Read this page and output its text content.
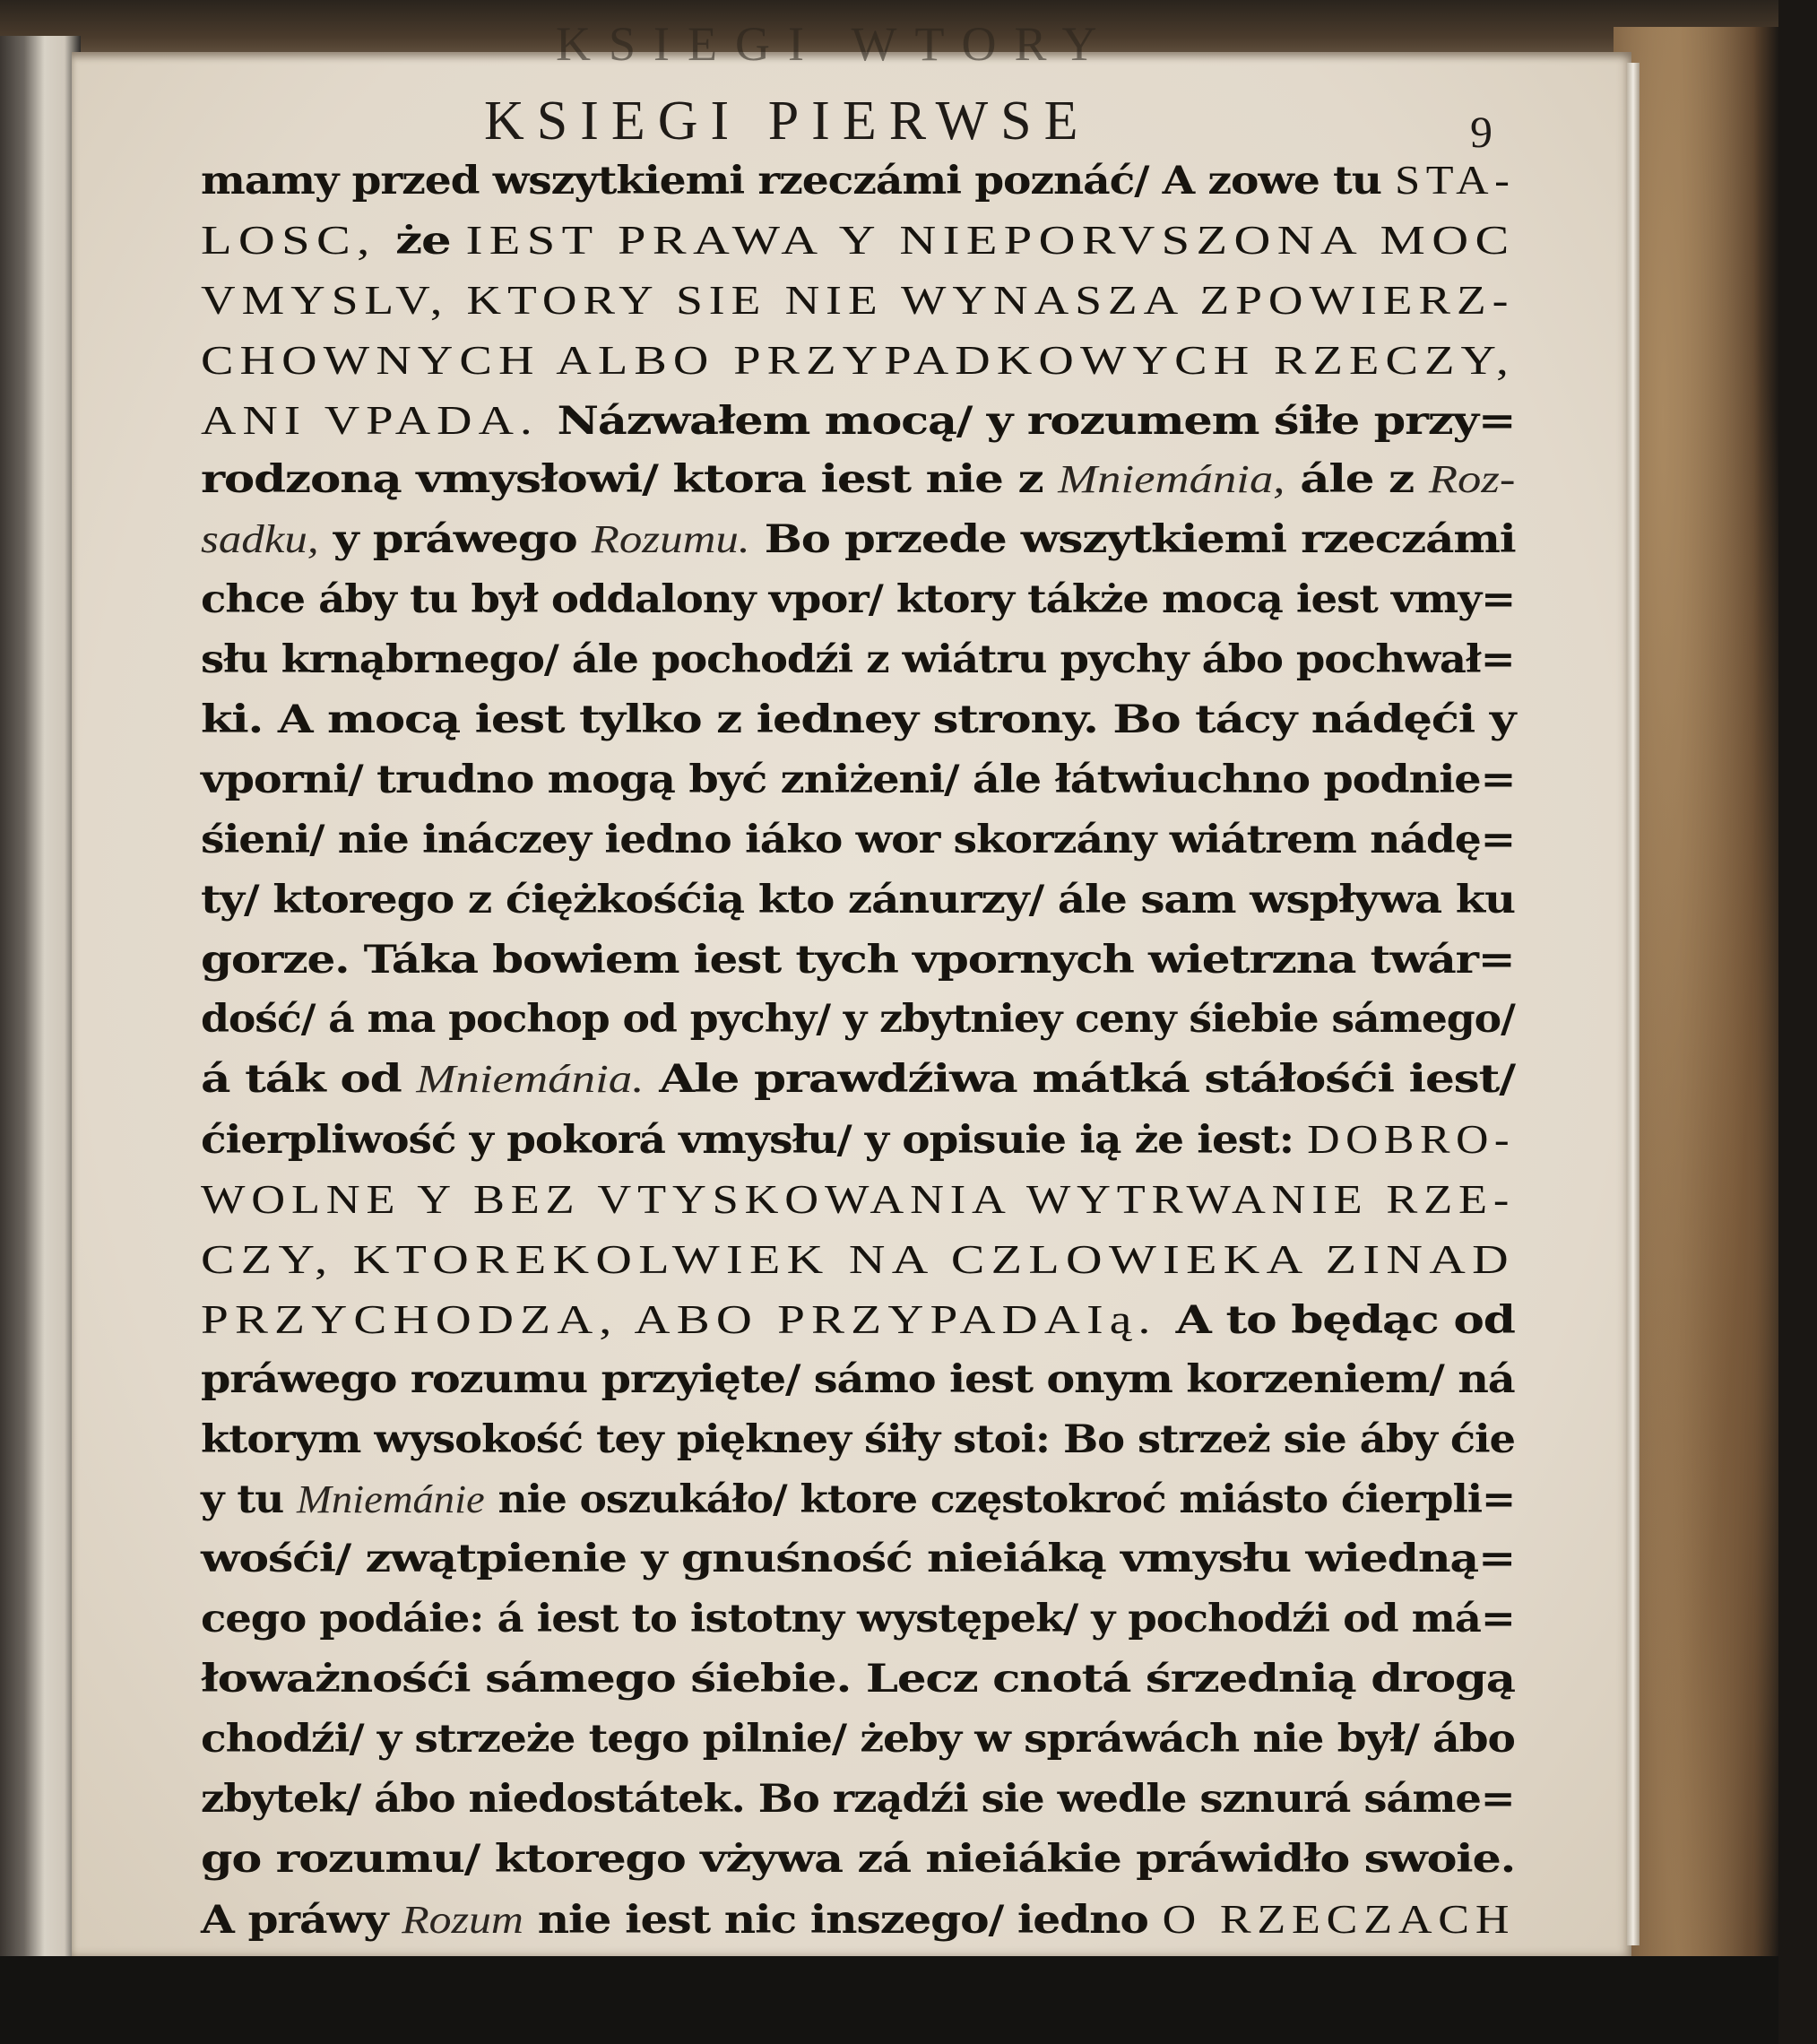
KSIEGI WTORY
KSIEGI PIERWSE	9
mamy przed wszytkiemi rzeczámi poznáć/ A zowe tu STA-
LOSC, że IEST PRAWA Y NIEPORVSZONA MOC
VMYSLV, KTORY SIE NIE WYNASZA ZPOWIERZ-
CHOWNYCH ALBO PRZYPADKOWYCH RZECZY,
ANI VPADA. Názwałem mocą/ y rozumem śiłe przy=
rodzoną vmysłowi/ ktora iest nie z Mniemánia, ále z Roz-
sadku, y práwego Rozumu. Bo przede wszytkiemi rzeczámi
chce áby tu był oddalony vpor/ ktory tákże mocą iest vmy=
słu krnąbrnego/ ále pochodźi z wiátru pychy ábo pochwał=
ki. A mocą iest tylko z iedney strony. Bo tácy nádęći y
vporni/ trudno mogą być zniżeni/ ále łátwiuchno podnie=
śieni/ nie ináczey iedno iáko wor skorzány wiátrem nádę=
ty/ ktorego z ćiężkośćią kto zánurzy/ ále sam wspływa ku
gorze. Táka bowiem iest tych vpornych wietrzna twár=
dość/ á ma pochop od pychy/ y zbytniey ceny śiebie sámego/
á ták od Mniemánia. Ale prawdźiwa mátká stáłośći iest/
ćierpliwość y pokorá vmysłu/ y opisuie ią że iest: DOBRO-
WOLNE Y BEZ VTYSKOWANIA WYTRWANIE RZE-
CZY, KTOREKOLWIEK NA CZLOWIEKA ZINAD
PRZYCHODZA, ABO PRZYPADAIą. A to będąc od
práwego rozumu przyięte/ sámo iest onym korzeniem/ ná
ktorym wysokość tey piękney śiły stoi: Bo strzeż sie áby ćie
y tu Mniemánie nie oszukáło/ ktore częstokroć miásto ćierpli=
wośći/ zwątpienie y gnuśność nieiáką vmysłu wiedną=
cego podáie: á iest to istotny występek/ y pochodźi od má=
łoważnośći sámego śiebie. Lecz cnotá śrzednią drogą
chodźi/ y strzeże tego pilnie/ żeby w spráwách nie był/ ábo
zbytek/ ábo niedostátek. Bo rządźi sie wedle sznurá sáme=
go rozumu/ ktorego vżywa zá nieiákie práwidło swoie.
A práwy Rozum nie iest nic inszego/ iedno O RZECZACH
